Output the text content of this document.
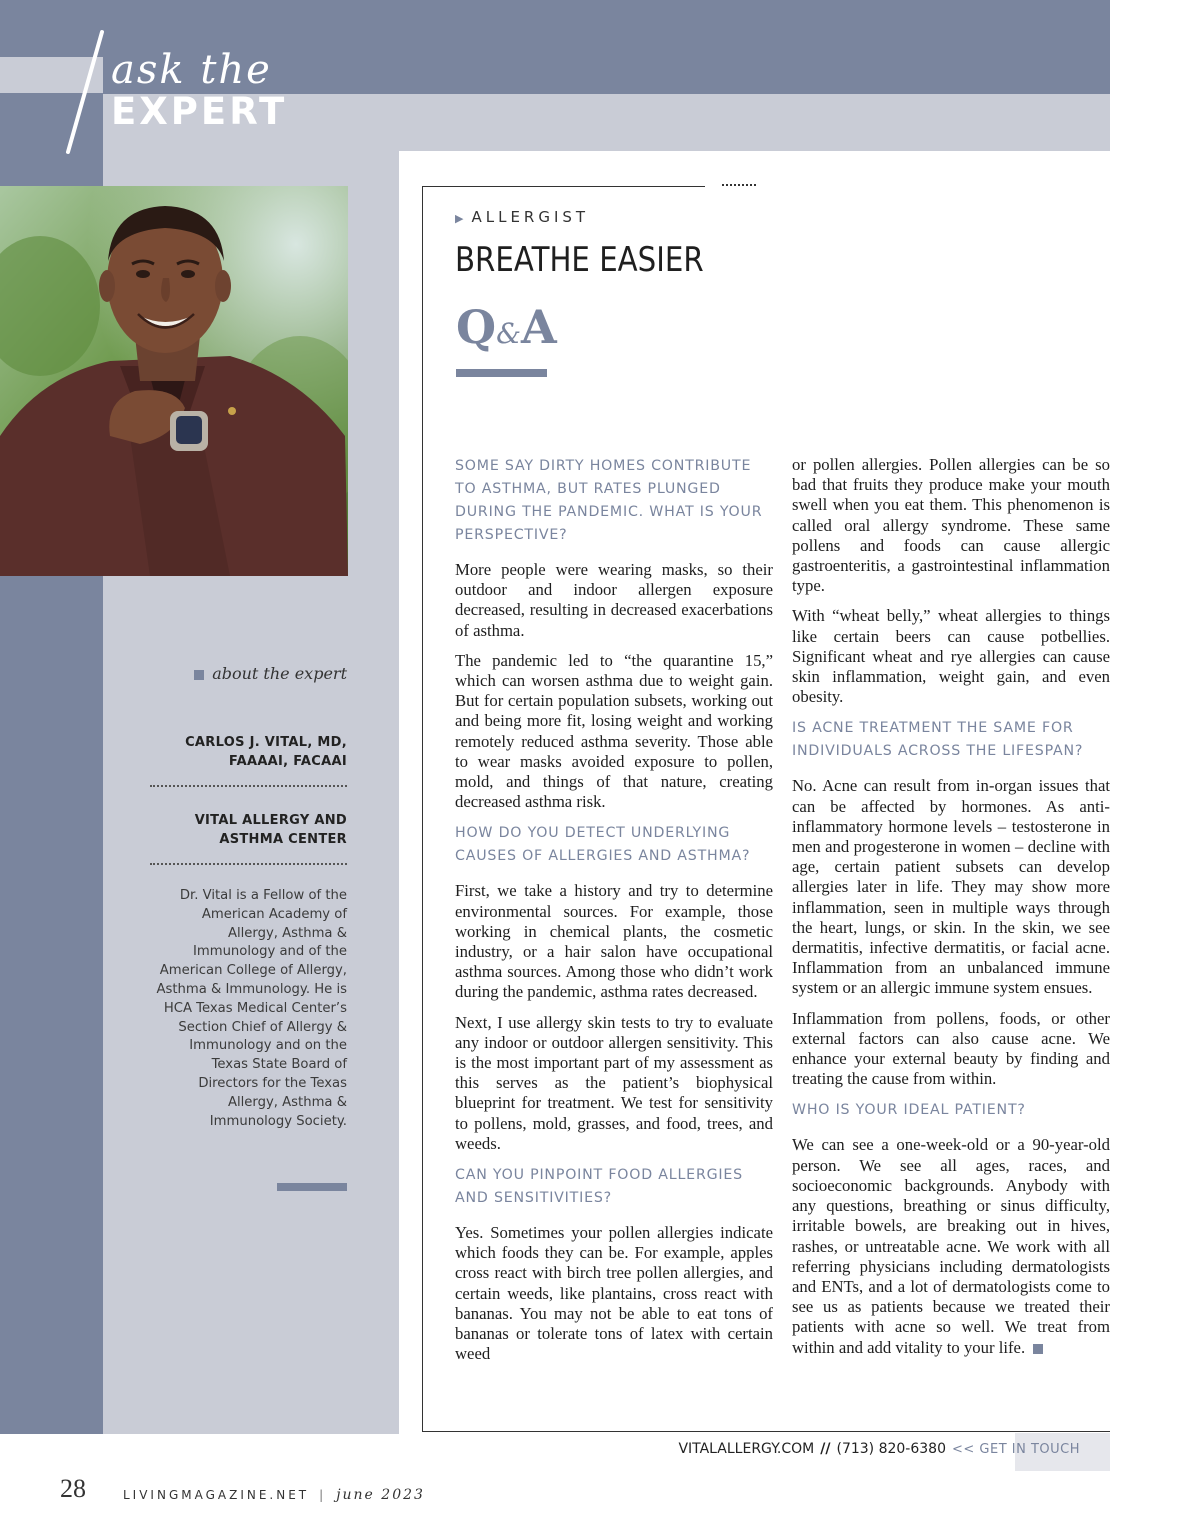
ask the
EXPERT
about the expert

CARLOS J. VITAL, MD,
FAAAAI, FACAAI

VITAL ALLERGY AND
ASTHMA CENTER

Dr. Vital is a Fellow of the American Academy of Allergy, Asthma & Immunology and of the American College of Allergy, Asthma & Immunology. He is HCA Texas Medical Center’s Section Chief of Allergy & Immunology and on the Texas State Board of Directors for the Texas Allergy, Asthma & Immunology Society.

▶ ALLERGIST

BREATHE EASIER

Q&A

SOME SAY DIRTY HOMES CONTRIBUTE TO ASTHMA, BUT RATES PLUNGED DURING THE PANDEMIC. WHAT IS YOUR PERSPECTIVE?

More people were wearing masks, so their outdoor and indoor allergen exposure decreased, resulting in decreased exacerbations of asthma.

The pandemic led to “the quarantine 15,” which can worsen asthma due to weight gain. But for certain population subsets, working out and being more fit, losing weight and working remotely reduced asthma severity. Those able to wear masks avoided exposure to pollen, mold, and things of that nature, creating decreased asthma risk.

HOW DO YOU DETECT UNDERLYING CAUSES OF ALLERGIES AND ASTHMA?

First, we take a history and try to determine environmental sources. For example, those working in chemical plants, the cosmetic industry, or a hair salon have occupational asthma sources. Among those who didn’t work during the pandemic, asthma rates decreased.

Next, I use allergy skin tests to try to evaluate any indoor or outdoor allergen sensitivity. This is the most important part of my assessment as this serves as the patient’s biophysical blueprint for treatment. We test for sensitivity to pollens, mold, grasses, and food, trees, and weeds.

CAN YOU PINPOINT FOOD ALLERGIES AND SENSITIVITIES?

Yes. Sometimes your pollen allergies indicate which foods they can be. For example, apples cross react with birch tree pollen allergies, and certain weeds, like plantains, cross react with bananas. You may not be able to eat tons of bananas or tolerate tons of latex with certain weed

or pollen allergies. Pollen allergies can be so bad that fruits they produce make your mouth swell when you eat them. This phenomenon is called oral allergy syndrome. These same pollens and foods can cause allergic gastroenteritis, a gastrointestinal inflammation type.

With “wheat belly,” wheat allergies to things like certain beers can cause potbellies. Significant wheat and rye allergies can cause skin inflammation, weight gain, and even obesity.

IS ACNE TREATMENT THE SAME FOR INDIVIDUALS ACROSS THE LIFESPAN?

No. Acne can result from in-organ issues that can be affected by hormones. As anti-inflammatory hormone levels – testosterone in men and progesterone in women – decline with age, certain patient subsets can develop allergies later in life. They may show more inflammation, seen in multiple ways through the heart, lungs, or skin. In the skin, we see dermatitis, infective dermatitis, or facial acne. Inflammation from an unbalanced immune system or an allergic immune system ensues.

Inflammation from pollens, foods, or other external factors can also cause acne. We enhance your external beauty by finding and treating the cause from within.

WHO IS YOUR IDEAL PATIENT?

We can see a one-week-old or a 90-year-old person. We see all ages, races, and socioeconomic backgrounds. Anybody with any questions, breathing or sinus difficulty, irritable bowels, are breaking out in hives, rashes, or untreatable acne. We work with all referring physicians including dermatologists and ENTs, and a lot of dermatologists come to see us as patients because we treated their patients with acne so well. We treat from within and add vitality to your life.

VITALALLERGY.COM // (713) 820-6380 << GET IN TOUCH

28	LIVINGMAGAZINE.NET | june 2023
